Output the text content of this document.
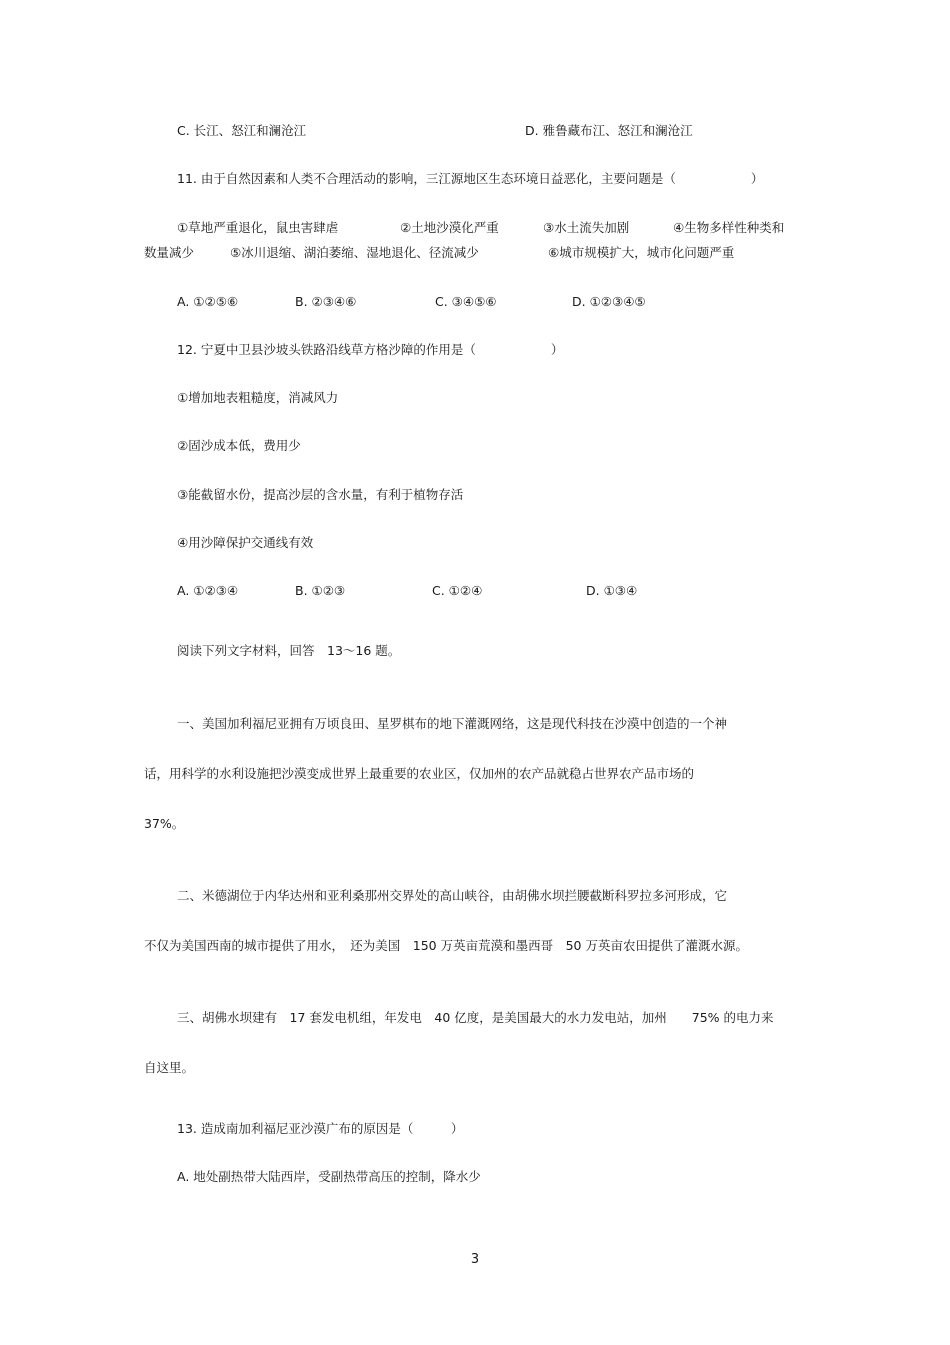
C. 长江、怒江和澜沧江	D. 雅鲁藏布江、怒江和澜沧江
11. 由于自然因素和人类不合理活动的影响，三江源地区生态环境日益恶化，主要问题是（　　　　　　）
①草地严重退化，鼠虫害肆虐	②土地沙漠化严重	③水土流失加剧	④生物多样性种类和
数量减少	⑤冰川退缩、湖泊萎缩、湿地退化、径流减少	⑥城市规模扩大，城市化问题严重
A. ①②⑤⑥	B. ②③④⑥	C. ③④⑤⑥	D. ①②③④⑤
12. 宁夏中卫县沙坡头铁路沿线草方格沙障的作用是（　　　　　　）
①增加地表粗糙度，消减风力
②固沙成本低，费用少
③能截留水份，提高沙层的含水量，有利于植物存活
④用沙障保护交通线有效
A. ①②③④	B. ①②③	C. ①②④	D. ①③④
阅读下列文字材料，回答　13～16 题。
一、美国加利福尼亚拥有万顷良田、星罗棋布的地下灌溉网络，这是现代科技在沙漠中创造的一个神
话，用科学的水利设施把沙漠变成世界上最重要的农业区，仅加州的农产品就稳占世界农产品市场的
37%。
二、米德湖位于内华达州和亚利桑那州交界处的高山峡谷，由胡佛水坝拦腰截断科罗拉多河形成，它
不仅为美国西南的城市提供了用水，　还为美国　150 万英亩荒漠和墨西哥　50 万英亩农田提供了灌溉水源。
三、胡佛水坝建有　17 套发电机组，年发电　40 亿度，是美国最大的水力发电站，加州　　75% 的电力来
自这里。
13. 造成南加利福尼亚沙漠广布的原因是（　　　）
A. 地处副热带大陆西岸，受副热带高压的控制，降水少
3
